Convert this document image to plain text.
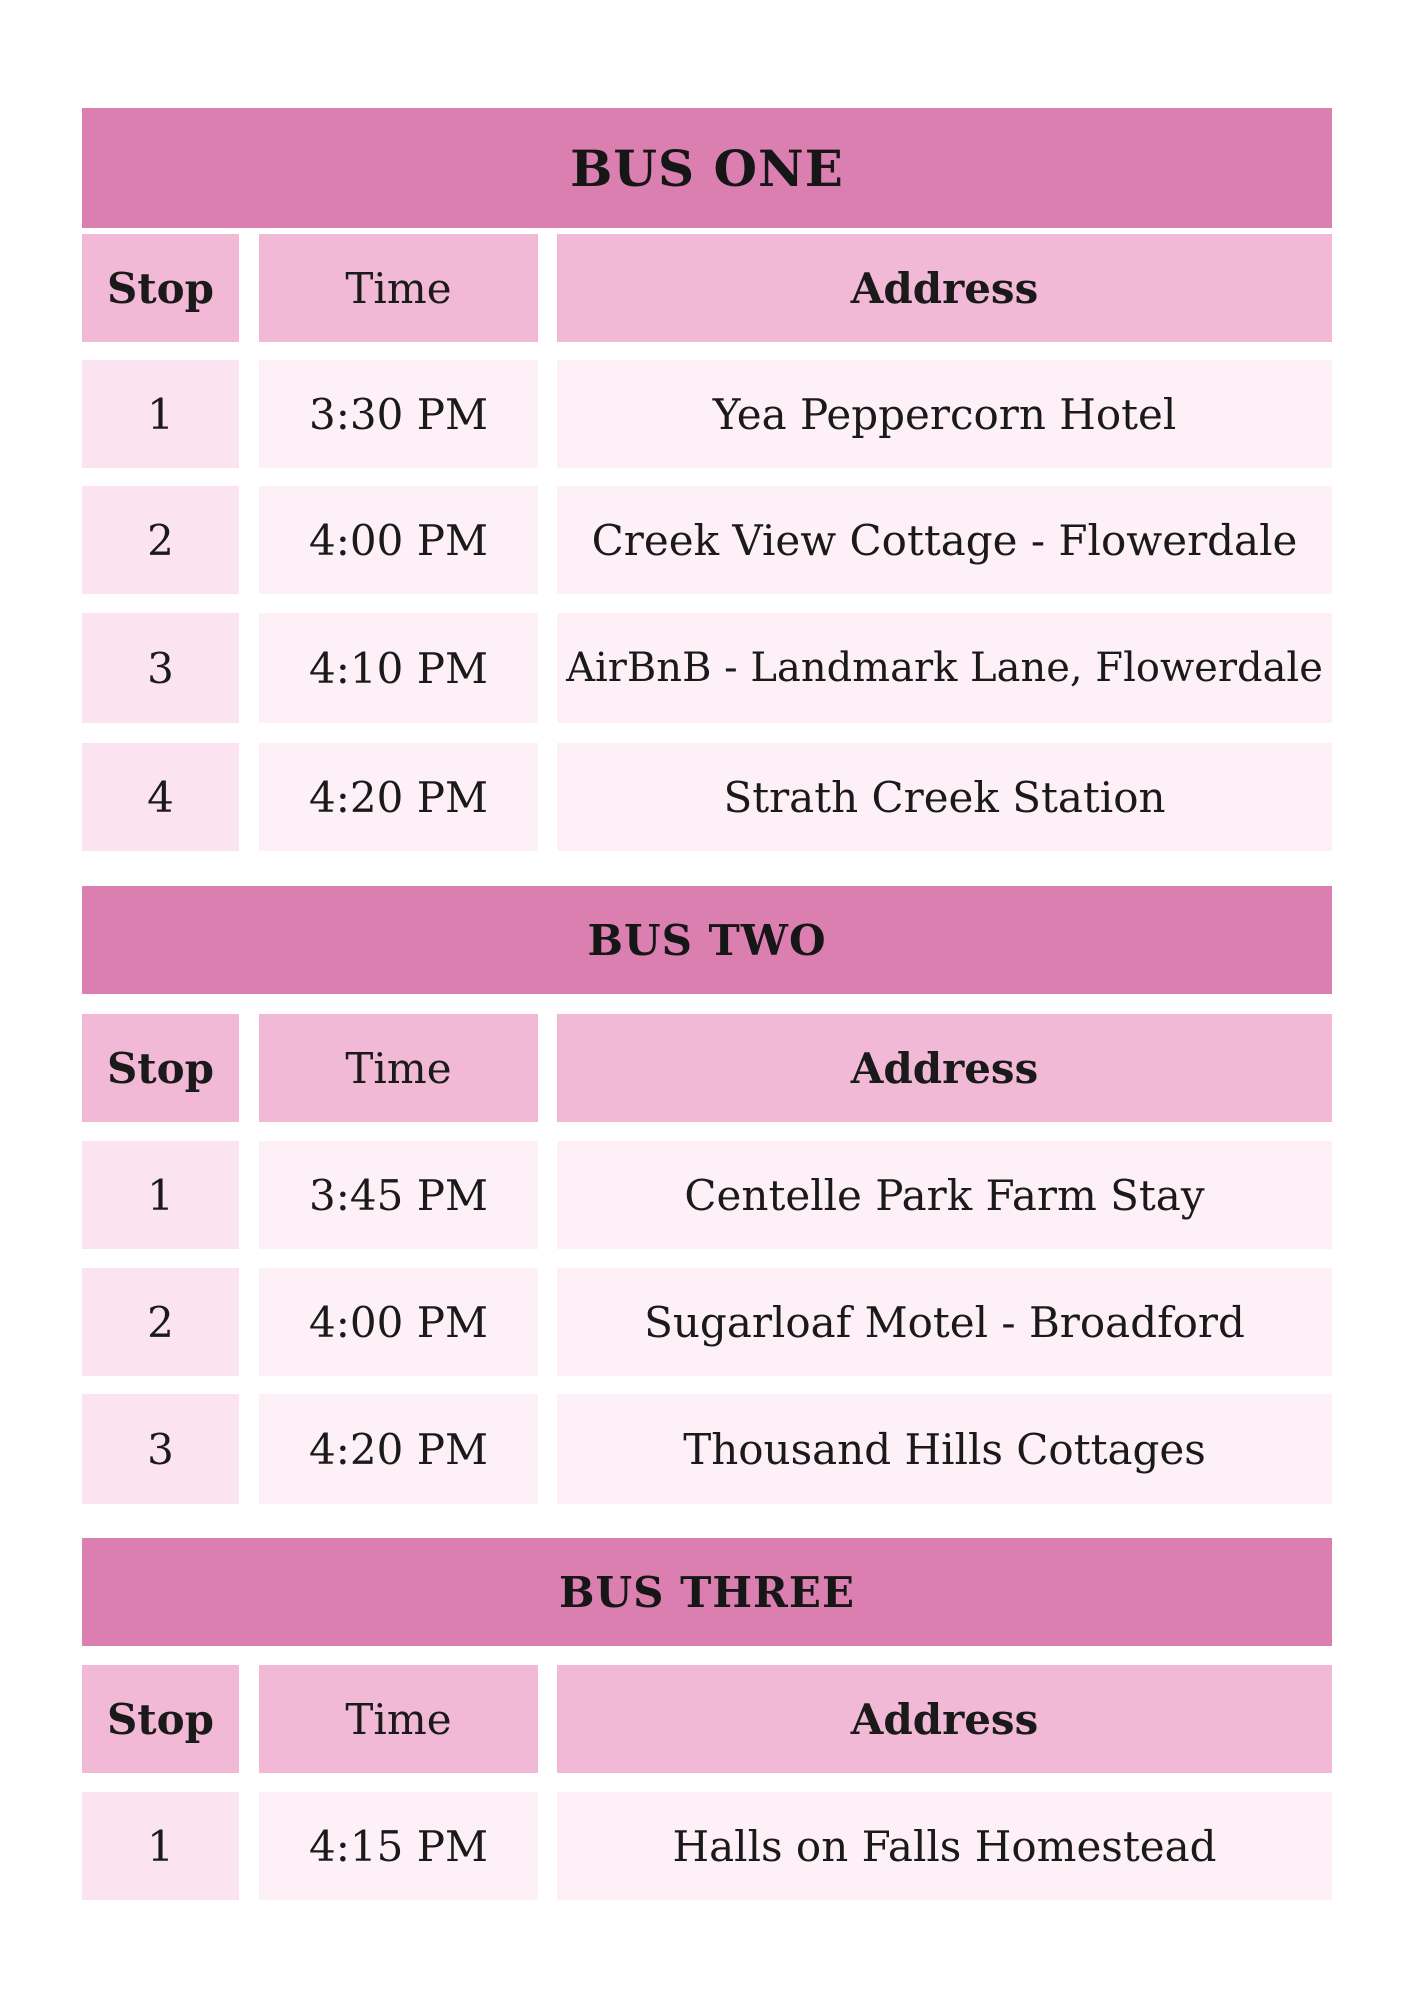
BUS ONE
Stop	Time	Address
1	3:30 PM	Yea Peppercorn Hotel
2	4:00 PM	Creek View Cottage - Flowerdale
3	4:10 PM	AirBnB - Landmark Lane, Flowerdale
4	4:20 PM	Strath Creek Station
BUS TWO
Stop	Time	Address
1	3:45 PM	Centelle Park Farm Stay
2	4:00 PM	Sugarloaf Motel - Broadford
3	4:20 PM	Thousand Hills Cottages
BUS THREE
Stop	Time	Address
1	4:15 PM	Halls on Falls Homestead
